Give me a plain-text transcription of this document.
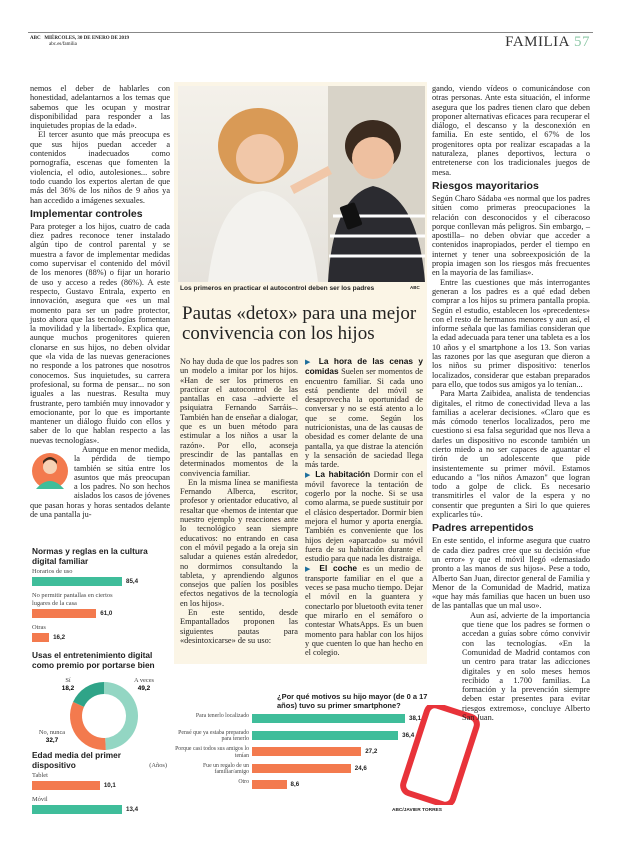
ABC MIÉRCOLES, 30 DE ENERO DE 2019
abc.es/familia	FAMILIA 57

nemos el deber de hablarles con honestidad, adelantarnos a los temas que sabemos que les ocupan y mostrar disponibilidad para responder a las inquietudes propias de la edad».

El tercer asunto que más preocupa es que sus hijos puedan acceder a contenidos inadecuados como pornografía, escenas que fomenten la violencia, el odio, autolesiones... sobre todo cuando los expertos alertan de que más del 36% de los niños de 9 años ya han accedido a imágenes sexuales.

Implementar controles

Para proteger a los hijos, cuatro de cada diez padres reconoce tener instalado algún tipo de control parental y se muestra a favor de implementar medidas como supervisar el contenido del móvil de los menores (88%) o fijar un horario de uso y acceso a redes (86%). A este respecto, Gustavo Entrala, experto en innovación, asegura que «es un mal momento para ser un padre protector, justo ahora que las tecnologías fomentan la movilidad y la libertad». Explica que, aunque muchos progenitores quieren clonarse en sus hijos, no deben olvidar que «la vida de las nuevas generaciones no responde a los patrones que nosotros conocemos. Sus inquietudes, su carrera profesional, su forma de pensar... no son iguales a las nuestras. Resulta muy frustrante, pero también muy innovador y emocionante, por lo que es importante mantener un diálogo fluido con ellos y saber de lo que hablan respecto a las nuevas tecnologías».

Aunque en menor medida, la pérdida de tiempo también se sitúa entre los asuntos que más preocupan a los padres. No son hechos aislados los casos de jóvenes que pasan horas y horas sentados delante de una pantalla ju-

Normas y reglas en la cultura digital familiar
Horarios de uso
85,4
No permitir pantallas en ciertos lugares de la casa
61,0
Otras
16,2
Usas el entretenimiento digital como premio por portarse bien
A veces
49,2
No, nunca
32,7
Sí
18,2
Edad media del primer dispositivo	(Años)
Tablet
10,1
Móvil
13,4
Los primeros en practicar el autocontrol deben ser los padres	ABC
Pautas «detox» para una mejor convivencia con los hijos

No hay duda de que los padres son un modelo a imitar por los hijos. «Han de ser los primeros en practicar el autocontrol de las pantallas en casa –advierte el psiquiatra Fernando Sarráis–. También han de enseñar a dialogar, que es un buen método para estimular a los niños a usar la razón». Por ello, aconseja prescindir de las pantallas en determinados momentos de la convivencia familiar.

En la misma línea se manifiesta Fernando Alberca, escritor, profesor y orientador educativo, al resaltar que «hemos de intentar que nuestro ejemplo y reacciones ante lo tecnológico sean siempre educativos: no entrando en casa con el móvil pegado a la oreja sin saludar a quienes están alrededor, no dormirnos consultando la tableta, y aprendiendo algunos consejos que palíen los posibles efectos negativos de la tecnología en los hijos».

En este sentido, desde Empantallados proponen las siguientes pautas para «desintoxicarse» de su uso:

▶ La hora de las cenas y comidas Suelen ser momentos de encuentro familiar. Si cada uno está pendiente del móvil se desaprovecha la oportunidad de conversar y no se está atento a lo que se come. Según los nutricionistas, una de las causas de obesidad es comer delante de una pantalla, ya que distrae la atención y la sensación de saciedad llega más tarde.

▶ La habitación Dormir con el móvil favorece la tentación de cogerlo por la noche. Si se usa como alarma, se puede sustituir por el clásico despertador. Dormir bien mejora el humor y aporta energía. También es conveniente que los hijos dejen «aparcado» su móvil fuera de su habitación durante el estudio para que nada les distraiga.

▶ El coche es un medio de transporte familiar en el que a veces se pasa mucho tiempo. Dejar el móvil en la guantera y conectarlo por bluetooth evita tener que mirarlo en el semáforo o contestar WhatsApps. Es un buen momento para hablar con los hijos y que cuenten lo que han hecho en el colegio.

¿Por qué motivos su hijo mayor (de 0 a 17 años) tuvo su primer smartphone?
Para tenerlo localizado	38,1
Pensé que ya estaba preparado para tenerlo
36,4
Porque casi todos sus amigos lo tenían
27,2
Fue un regalo de un familiar/amigo
24,6
Otro	8,6
ABC/JAVIER TORRES

gando, viendo vídeos o comunicándose con otras personas. Ante esta situación, el informe asegura que los padres tienen claro que deben proponer alternativas eficaces para recuperar el diálogo, el descanso y la desconexión en familia. En este sentido, el 67% de los progenitores opta por realizar escapadas a la naturaleza, planes deportivos, lectura o entretenerse con los tradicionales juegos de mesa.

Riesgos mayoritarios

Según Charo Sádaba «es normal que los padres sitúen como primeras preocupaciones la relación con desconocidos y el ciberacoso porque conllevan más peligros. Sin embargo, –apostilla– no deben obviar que acceder a contenidos inapropiados, perder el tiempo en internet y tener una sobreexposición de la propia imagen son los riesgos más frecuentes en la mayoría de las familias».

Entre las cuestiones que más interrogantes generan a los padres es a qué edad deben comprar a los hijos su primera pantalla propia. Según el estudio, establecen los «precedentes» con el resto de hermanos menores y aun así, el informe señala que las familias consideran que la edad adecuada para tener una tableta es a los 10 años y el smartphone a los 13. Son varias las razones por las que aseguran que dieron a los niños su primer dispositivo: tenerlos localizados, considerar que estaban preparados para ello, que todos sus amigos ya lo tenían...

Para Marta Zaibidea, analista de tendencias digitales, el ritmo de conectividad lleva a las familias a acelerar decisiones. «Claro que es más cómodo tenerlos localizados, pero me cuestiono si esa falsa seguridad que nos lleva a darles un dispositivo no esconde también un cierto miedo a no ser capaces de aguantar el tirón de un adolescente que pide insistentemente su primer móvil. Estamos educando a "los niños Amazon" que logran todo a golpe de click. Es necesario transmitirles el valor de la espera y no consentir que pregunten a Siri lo que quieres explicarles tú».

Padres arrepentidos

En este sentido, el informe asegura que cuatro de cada diez padres cree que su decisión «fue un error» y que el móvil llegó «demasiado pronto a las manos de sus hijos». Pese a todo, Alberto San Juan, director general de Familia y Menor de la Comunidad de Madrid, matiza «que hay más familias que hacen un buen uso de las pantallas que un mal uso».

Aun así, advierte de la importancia que tiene que los padres se formen o accedan a guías sobre cómo convivir con las tecnologías. «En la Comunidad de Madrid contamos con un centro para tratar las adicciones digitales y en solo meses hemos recibido a 1.700 familias. La formación y la prevención siempre deben estar presentes para evitar riesgos extremos», concluye Alberto San Juan.
